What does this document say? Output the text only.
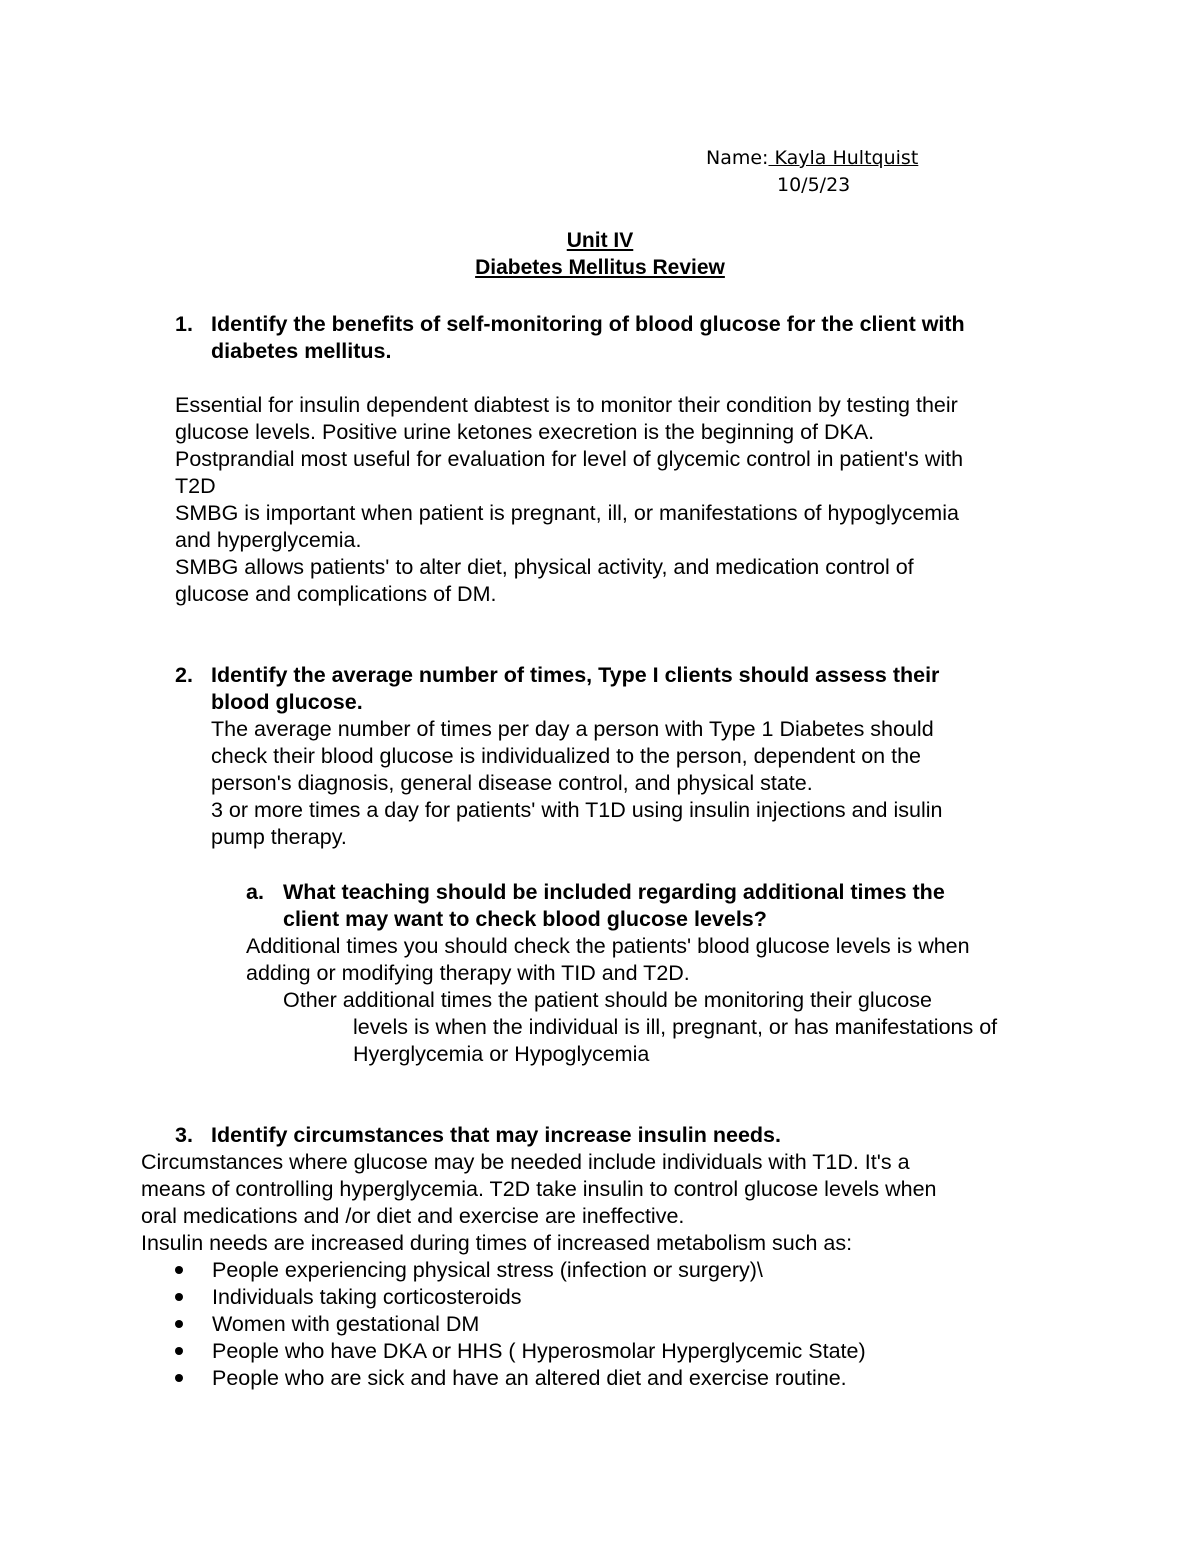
Name: Kayla Hultquist
10/5/23
Unit IV
Diabetes Mellitus Review
1. Identify the benefits of self-monitoring of blood glucose for the client with

diabetes mellitus.

Essential for insulin dependent diabtest is to monitor their condition by testing their

glucose levels. Positive urine ketones execretion is the beginning of DKA.

Postprandial most useful for evaluation for level of glycemic control in patient's with

T2D

SMBG is important when patient is pregnant, ill, or manifestations of hypoglycemia

and hyperglycemia.

SMBG allows patients' to alter diet, physical activity, and medication control of

glucose and complications of DM.

2. Identify the average number of times, Type I clients should assess their

blood glucose.

The average number of times per day a person with Type 1 Diabetes should

check their blood glucose is individualized to the person, dependent on the

person's diagnosis, general disease control, and physical state.

3 or more times a day for patients' with T1D using insulin injections and isulin

pump therapy.

a. What teaching should be included regarding additional times the

client may want to check blood glucose levels?

Additional times you should check the patients' blood glucose levels is when

adding or modifying therapy with TID and T2D.

Other additional times the patient should be monitoring their glucose

levels is when the individual is ill, pregnant, or has manifestations of

Hyerglycemia or Hypoglycemia

3. Identify circumstances that may increase insulin needs.

Circumstances where glucose may be needed include individuals with T1D. It's a

means of controlling hyperglycemia. T2D take insulin to control glucose levels when

oral medications and /or diet and exercise are ineffective.

Insulin needs are increased during times of increased metabolism such as:

People experiencing physical stress (infection or surgery)\

Individuals taking corticosteroids

Women with gestational DM

People who have DKA or HHS ( Hyperosmolar Hyperglycemic State)

People who are sick and have an altered diet and exercise routine.
